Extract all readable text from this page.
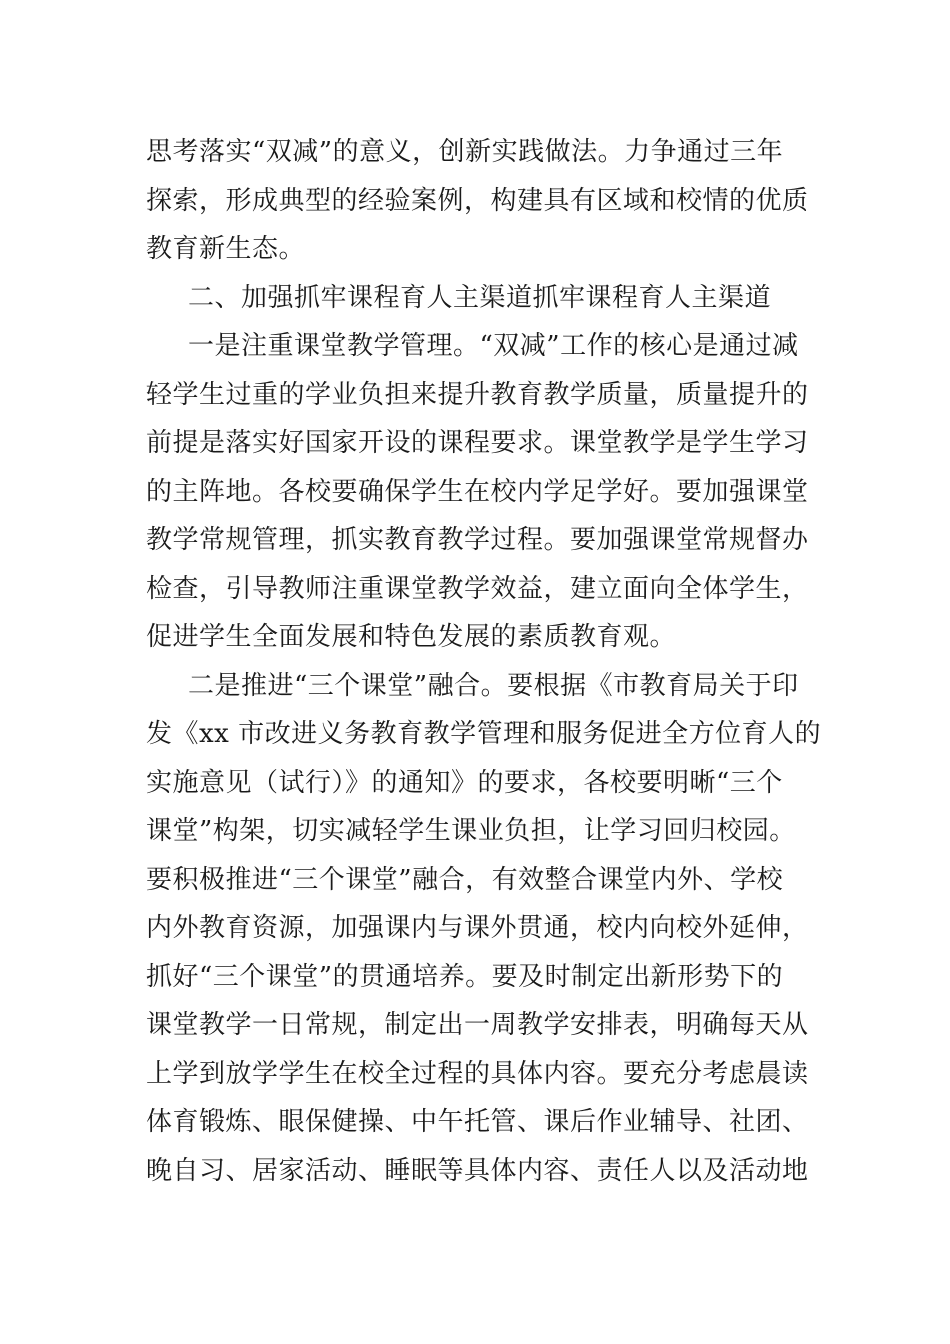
思考落实“双减”的意义，创新实践做法。力争通过三年
探索，形成典型的经验案例，构建具有区域和校情的优质
教育新生态。
二、加强抓牢课程育人主渠道抓牢课程育人主渠道
一是注重课堂教学管理。“双减”工作的核心是通过减
轻学生过重的学业负担来提升教育教学质量，质量提升的
前提是落实好国家开设的课程要求。课堂教学是学生学习
的主阵地。各校要确保学生在校内学足学好。要加强课堂
教学常规管理，抓实教育教学过程。要加强课堂常规督办
检查，引导教师注重课堂教学效益，建立面向全体学生，
促进学生全面发展和特色发展的素质教育观。
二是推进“三个课堂”融合。要根据《市教育局关于印
发《xx 市改进义务教育教学管理和服务促进全方位育人的
实施意见（试行）》的通知》的要求，各校要明晰“三个
课堂”构架，切实减轻学生课业负担，让学习回归校园。
要积极推进“三个课堂”融合，有效整合课堂内外、学校
内外教育资源，加强课内与课外贯通，校内向校外延伸，
抓好“三个课堂”的贯通培养。要及时制定出新形势下的
课堂教学一日常规，制定出一周教学安排表，明确每天从
上学到放学学生在校全过程的具体内容。要充分考虑晨读
体育锻炼、眼保健操、中午托管、课后作业辅导、社团、
晚自习、居家活动、睡眠等具体内容、责任人以及活动地
